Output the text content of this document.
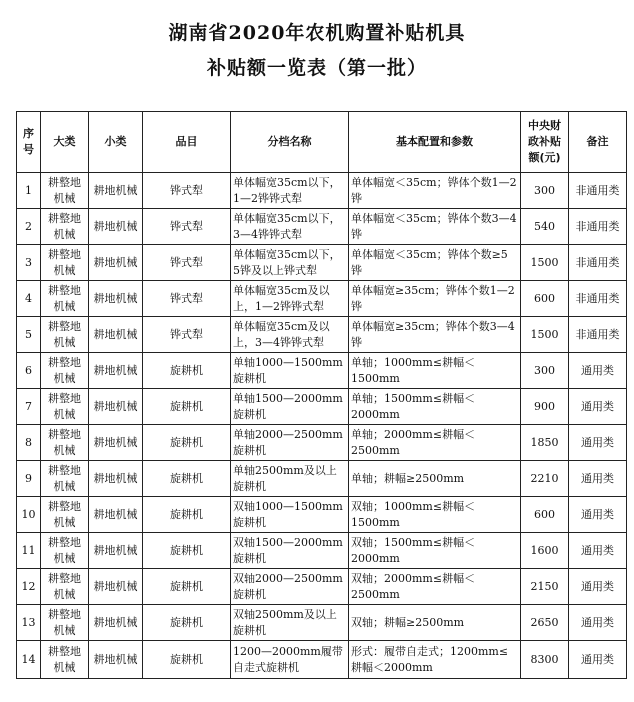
湖南省2020年农机购置补贴机具
补贴额一览表（第一批）
序号	大类	小类	品目	分档名称	基本配置和参数	中央财政补贴额(元)	备注
1	耕整地机械	耕地机械	铧式犁	单体幅宽35cm以下，1—2铧铧式犁	单体幅宽＜35cm；铧体个数1—2铧	300	非通用类
2	耕整地机械	耕地机械	铧式犁	单体幅宽35cm以下，3—4铧铧式犁	单体幅宽＜35cm；铧体个数3—4铧	540	非通用类
3	耕整地机械	耕地机械	铧式犁	单体幅宽35cm以下，5铧及以上铧式犁	单体幅宽＜35cm；铧体个数≥5铧	1500	非通用类
4	耕整地机械	耕地机械	铧式犁	单体幅宽35cm及以上，1—2铧铧式犁	单体幅宽≥35cm；铧体个数1—2铧	600	非通用类
5	耕整地机械	耕地机械	铧式犁	单体幅宽35cm及以上，3—4铧铧式犁	单体幅宽≥35cm；铧体个数3—4铧	1500	非通用类
6	耕整地机械	耕地机械	旋耕机	单轴1000—1500mm旋耕机	单轴；1000mm≤耕幅＜1500mm	300	通用类
7	耕整地机械	耕地机械	旋耕机	单轴1500—2000mm旋耕机	单轴；1500mm≤耕幅＜2000mm	900	通用类
8	耕整地机械	耕地机械	旋耕机	单轴2000—2500mm旋耕机	单轴；2000mm≤耕幅＜2500mm	1850	通用类
9	耕整地机械	耕地机械	旋耕机	单轴2500mm及以上旋耕机	单轴；耕幅≥2500mm	2210	通用类
10	耕整地机械	耕地机械	旋耕机	双轴1000—1500mm旋耕机	双轴；1000mm≤耕幅＜1500mm	600	通用类
11	耕整地机械	耕地机械	旋耕机	双轴1500—2000mm旋耕机	双轴；1500mm≤耕幅＜2000mm	1600	通用类
12	耕整地机械	耕地机械	旋耕机	双轴2000—2500mm旋耕机	双轴；2000mm≤耕幅＜2500mm	2150	通用类
13	耕整地机械	耕地机械	旋耕机	双轴2500mm及以上旋耕机	双轴；耕幅≥2500mm	2650	通用类
14	耕整地机械	耕地机械	旋耕机	1200—2000mm履带自走式旋耕机	形式：履带自走式；1200mm≤耕幅＜2000mm	8300	通用类
